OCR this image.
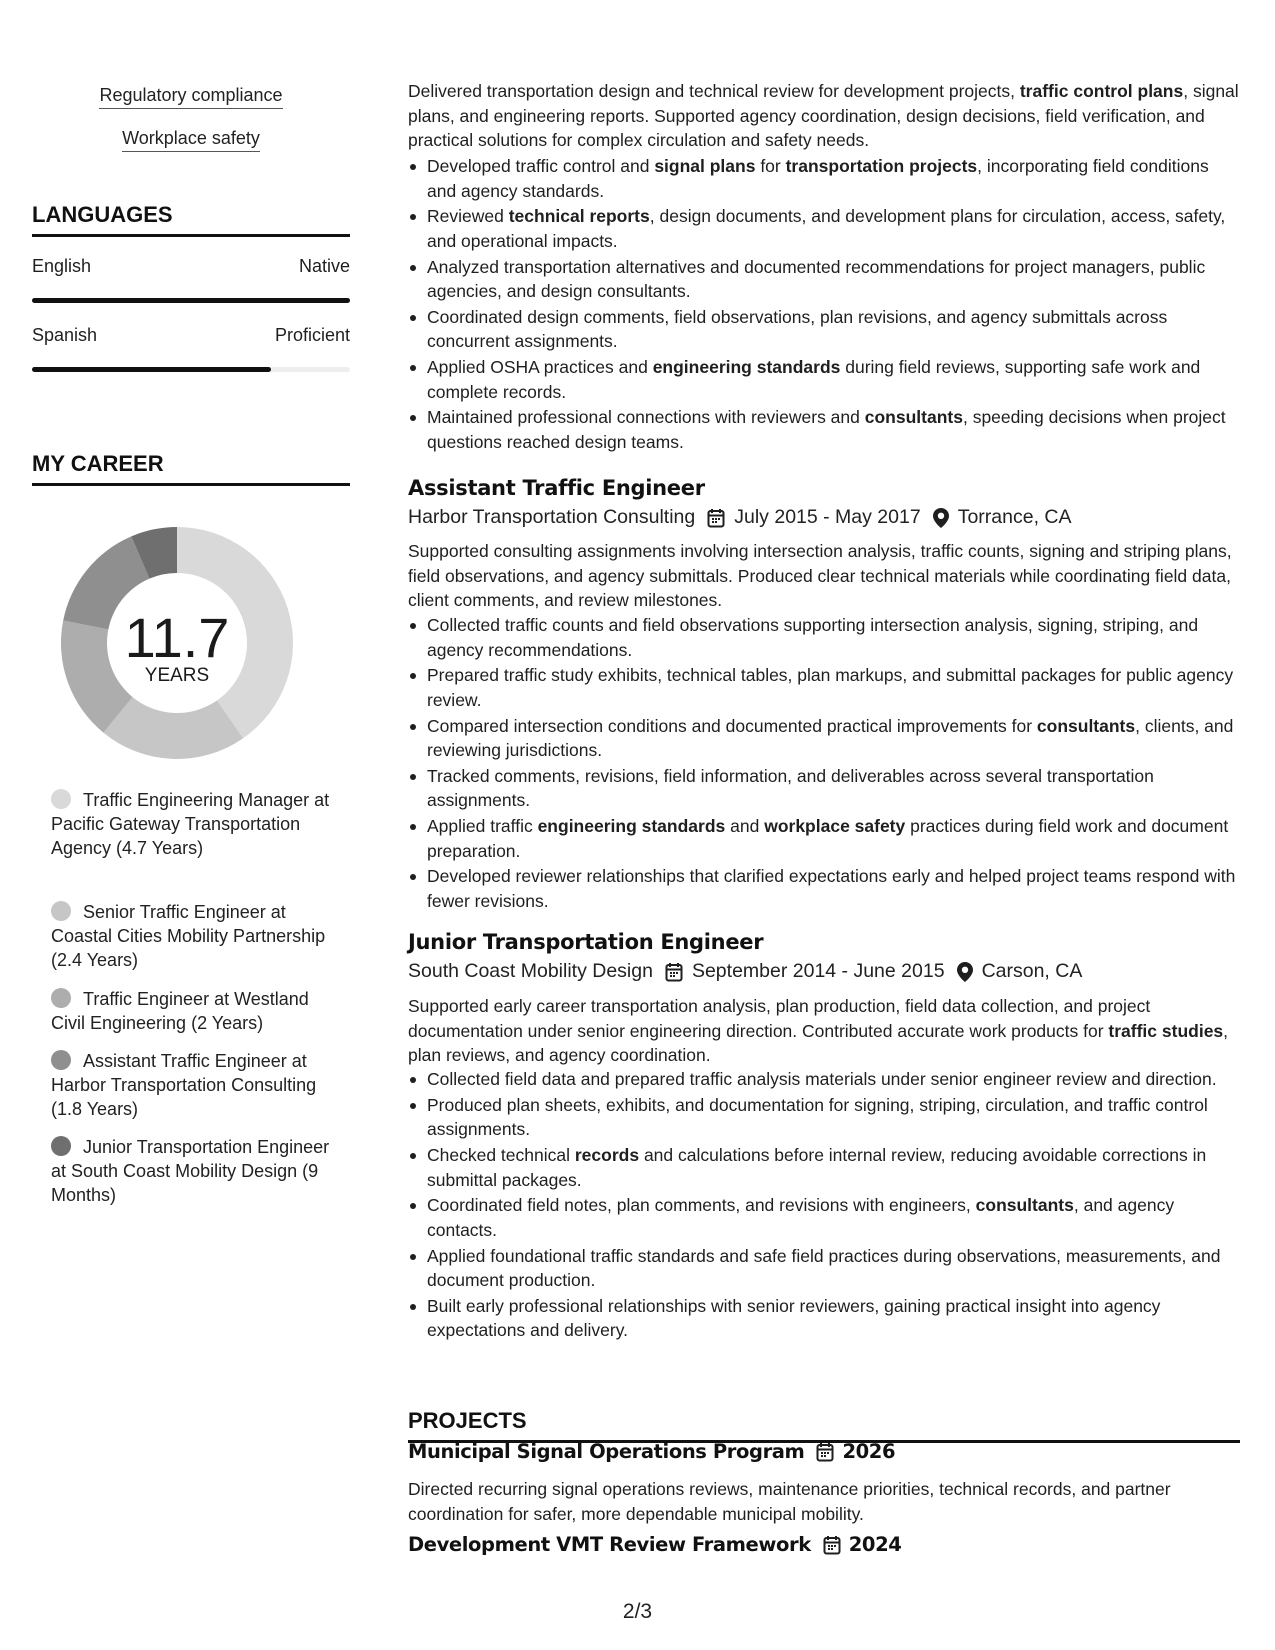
Regulatory compliance
Workplace safety
LANGUAGES
English	Native
Spanish	Proficient
MY CAREER
11.7
YEARS
Traffic Engineering Manager at Pacific Gateway Transportation Agency (4.7 Years)
Senior Traffic Engineer at Coastal Cities Mobility Partnership (2.4 Years)
Traffic Engineer at Westland Civil Engineering (2 Years)
Assistant Traffic Engineer at Harbor Transportation Consulting (1.8 Years)
Junior Transportation Engineer at South Coast Mobility Design (9 Months)
Delivered transportation design and technical review for development projects, traffic control plans, signal plans, and engineering reports. Supported agency coordination, design decisions, field verification, and practical solutions for complex circulation and safety needs.
Developed traffic control and signal plans for transportation projects, incorporating field conditions and agency standards.
Reviewed technical reports, design documents, and development plans for circulation, access, safety, and operational impacts.
Analyzed transportation alternatives and documented recommendations for project managers, public agencies, and design consultants.
Coordinated design comments, field observations, plan revisions, and agency submittals across concurrent assignments.
Applied OSHA practices and engineering standards during field reviews, supporting safe work and complete records.
Maintained professional connections with reviewers and consultants, speeding decisions when project questions reached design teams.
Assistant Traffic Engineer
Harbor Transportation Consulting July 2015 - May 2017 Torrance, CA
Supported consulting assignments involving intersection analysis, traffic counts, signing and striping plans, field observations, and agency submittals. Produced clear technical materials while coordinating field data, client comments, and review milestones.
Collected traffic counts and field observations supporting intersection analysis, signing, striping, and agency recommendations.
Prepared traffic study exhibits, technical tables, plan markups, and submittal packages for public agency review.
Compared intersection conditions and documented practical improvements for consultants, clients, and reviewing jurisdictions.
Tracked comments, revisions, field information, and deliverables across several transportation assignments.
Applied traffic engineering standards and workplace safety practices during field work and document preparation.
Developed reviewer relationships that clarified expectations early and helped project teams respond with fewer revisions.
Junior Transportation Engineer
South Coast Mobility Design September 2014 - June 2015 Carson, CA
Supported early career transportation analysis, plan production, field data collection, and project documentation under senior engineering direction. Contributed accurate work products for traffic studies, plan reviews, and agency coordination.
Collected field data and prepared traffic analysis materials under senior engineer review and direction.
Produced plan sheets, exhibits, and documentation for signing, striping, circulation, and traffic control assignments.
Checked technical records and calculations before internal review, reducing avoidable corrections in submittal packages.
Coordinated field notes, plan comments, and revisions with engineers, consultants, and agency contacts.
Applied foundational traffic standards and safe field practices during observations, measurements, and document production.
Built early professional relationships with senior reviewers, gaining practical insight into agency expectations and delivery.
PROJECTS
Municipal Signal Operations Program 2026
Directed recurring signal operations reviews, maintenance priorities, technical records, and partner coordination for safer, more dependable municipal mobility.
Development VMT Review Framework 2024
2/3
